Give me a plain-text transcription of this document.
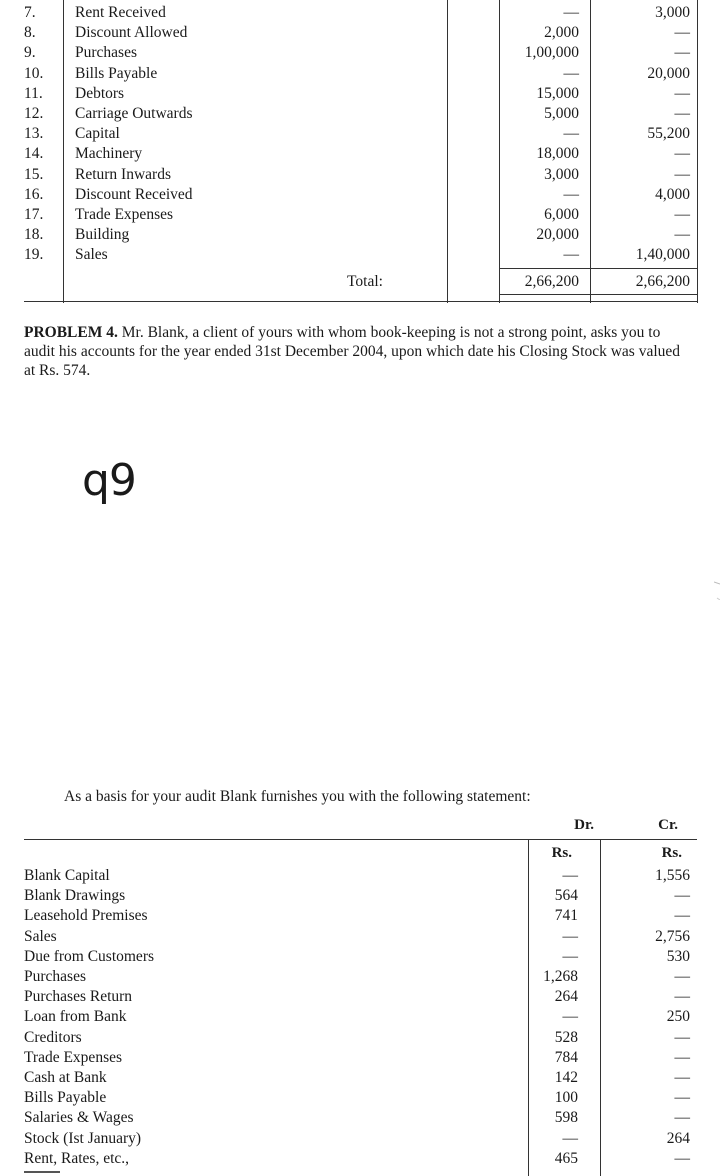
7.	Rent Received	—	3,000
8.	Discount Allowed	2,000	—
9.	Purchases	1,00,000	—
10. Bills Payable	—	20,000
11. Debtors	15,000	—
12. Carriage Outwards	5,000	—
13. Capital	—	55,200
14. Machinery	18,000	—
15. Return Inwards	3,000	—
16. Discount Received	—	4,000
17. Trade Expenses	6,000	—
18. Building	20,000	—
19. Sales	—	1,40,000
Total:	2,66,200	2,66,200
PROBLEM 4. Mr. Blank, a client of yours with whom book-keeping is not a strong point, asks you to audit his accounts for the year ended 31st December 2004, upon which date his Closing Stock was valued at Rs. 574.
q9
As a basis for your audit Blank furnishes you with the following statement:
Dr.	Cr.
Rs.	Rs.
Blank Capital	—	1,556
Blank Drawings	564	—
Leasehold Premises	741	—
Sales	—	2,756
Due from Customers	—	530
Purchases	1,268	—
Purchases Return	264	—
Loan from Bank	—	250
Creditors	528	—
Trade Expenses	784	—
Cash at Bank	142	—
Bills Payable	100	—
Salaries & Wages	598	—
Stock (Ist January)	—	264
Rent, Rates, etc.,	465	—
